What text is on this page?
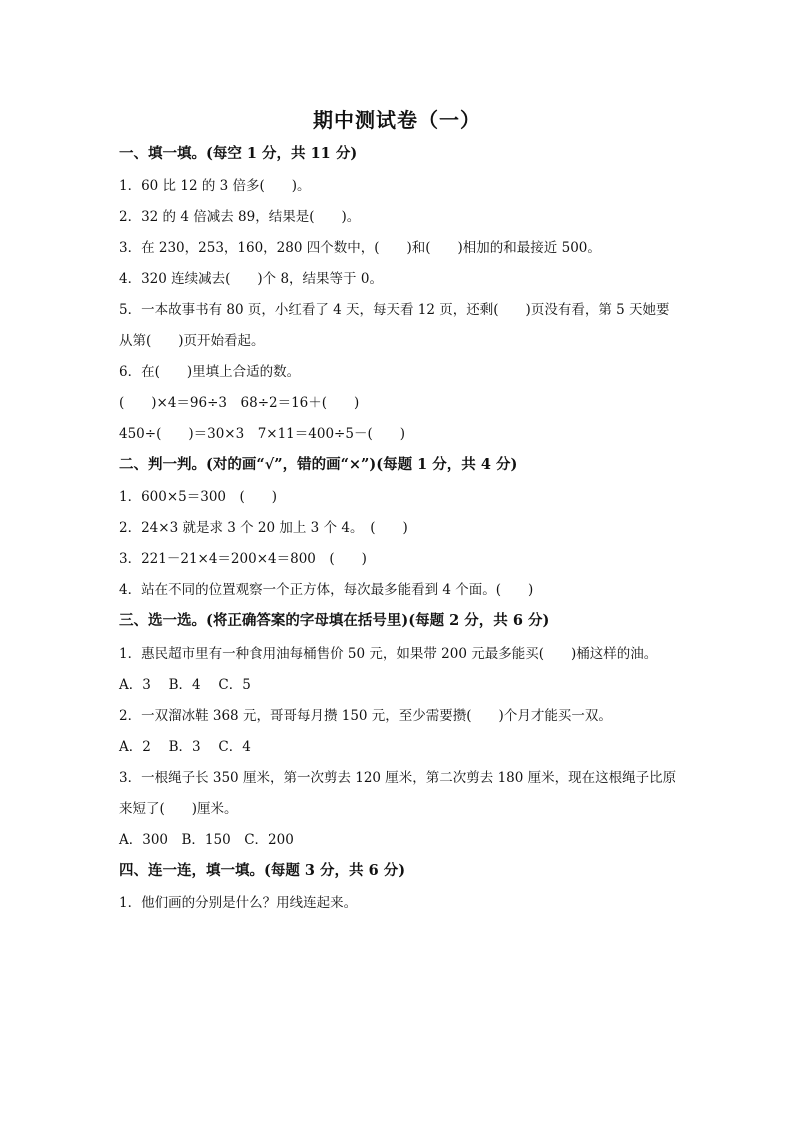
期中测试卷（一）
一、填一填。(每空 1 分，共 11 分)
1．60 比 12 的 3 倍多(　　)。
2．32 的 4 倍减去 89，结果是(　　)。
3．在 230，253，160，280 四个数中，(　　)和(　　)相加的和最接近 500。
4．320 连续减去(　　)个 8，结果等于 0。
5．一本故事书有 80 页，小红看了 4 天，每天看 12 页，还剩(　　)页没有看，第 5 天她要
从第(　　)页开始看起。
6．在(　　)里填上合适的数。
(　　)×4＝96÷3　68÷2＝16＋(　　)
450÷(　　)＝30×3　7×11＝400÷5－(　　)
二、判一判。(对的画“√”，错的画“×”)(每题 1 分，共 4 分)
1．600×5＝300　(　　)
2．24×3 就是求 3 个 20 加上 3 个 4。　(　　)
3．221－21×4＝200×4＝800　(　　)
4．站在不同的位置观察一个正方体，每次最多能看到 4 个面。(　　)
三、选一选。(将正确答案的字母填在括号里)(每题 2 分，共 6 分)
1．惠民超市里有一种食用油每桶售价 50 元，如果带 200 元最多能买(　　)桶这样的油。
A．3　 B．4　 C．5
2．一双溜冰鞋 368 元，哥哥每月攒 150 元，至少需要攒(　　)个月才能买一双。
A．2　 B．3　 C．4
3．一根绳子长 350 厘米，第一次剪去 120 厘米，第二次剪去 180 厘米，现在这根绳子比原
来短了(　　)厘米。
A．300　B．150　C．200
四、连一连，填一填。(每题 3 分，共 6 分)
1．他们画的分别是什么？用线连起来。
